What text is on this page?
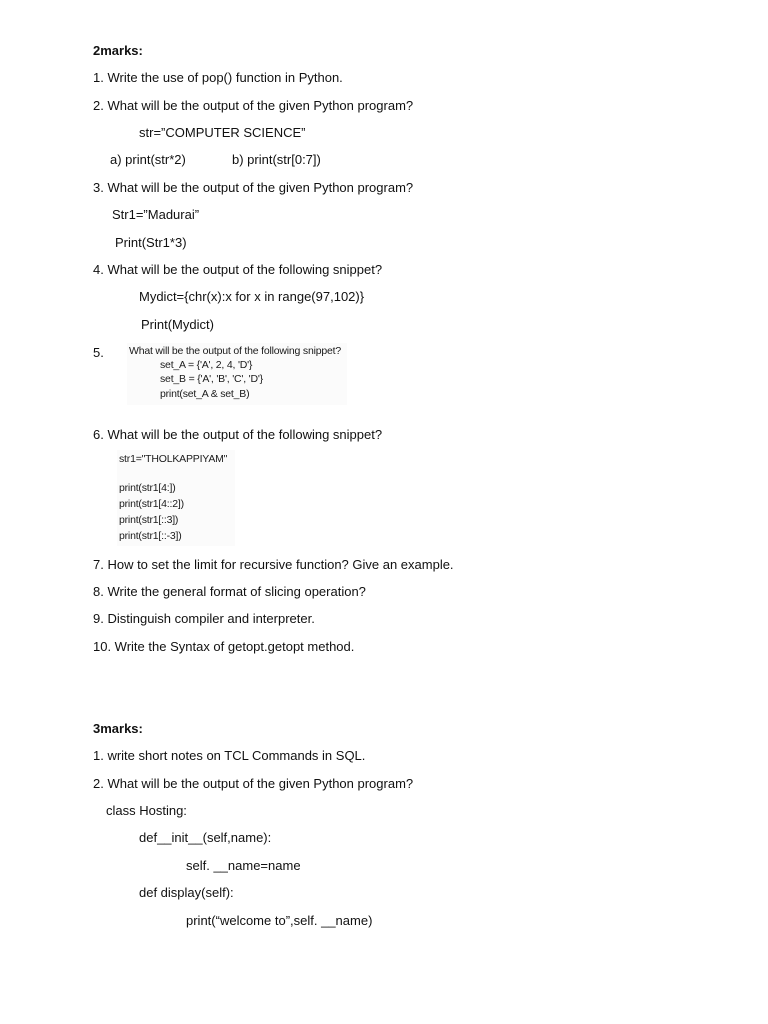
2marks:
1. Write the use of pop() function in Python.
2. What will be the output of the given Python program?
str=”COMPUTER SCIENCE”
a) print(str*2)	b) print(str[0:7])
3. What will be the output of the given Python program?
Str1=”Madurai”
Print(Str1*3)
4. What will be the output of the following snippet?
Mydict={chr(x):x for x in range(97,102)}
Print(Mydict)
5. What will be the output of the following snippet?
set_A = {'A', 2, 4, 'D'}
set_B = {'A', 'B', 'C', 'D'}
print(set_A & set_B)
6. What will be the output of the following snippet?
str1="THOLKAPPIYAM"
print(str1[4:])
print(str1[4::2])
print(str1[::3])
print(str1[::-3])
7. How to set the limit for recursive function? Give an example.
8. Write the general format of slicing operation?
9. Distinguish compiler and interpreter.
10. Write the Syntax of getopt.getopt method.
3marks:
1. write short notes on TCL Commands in SQL.
2. What will be the output of the given Python program?
class Hosting:
def__init__(self,name):
self. __name=name
def display(self):
print(“welcome to”,self. __name)
